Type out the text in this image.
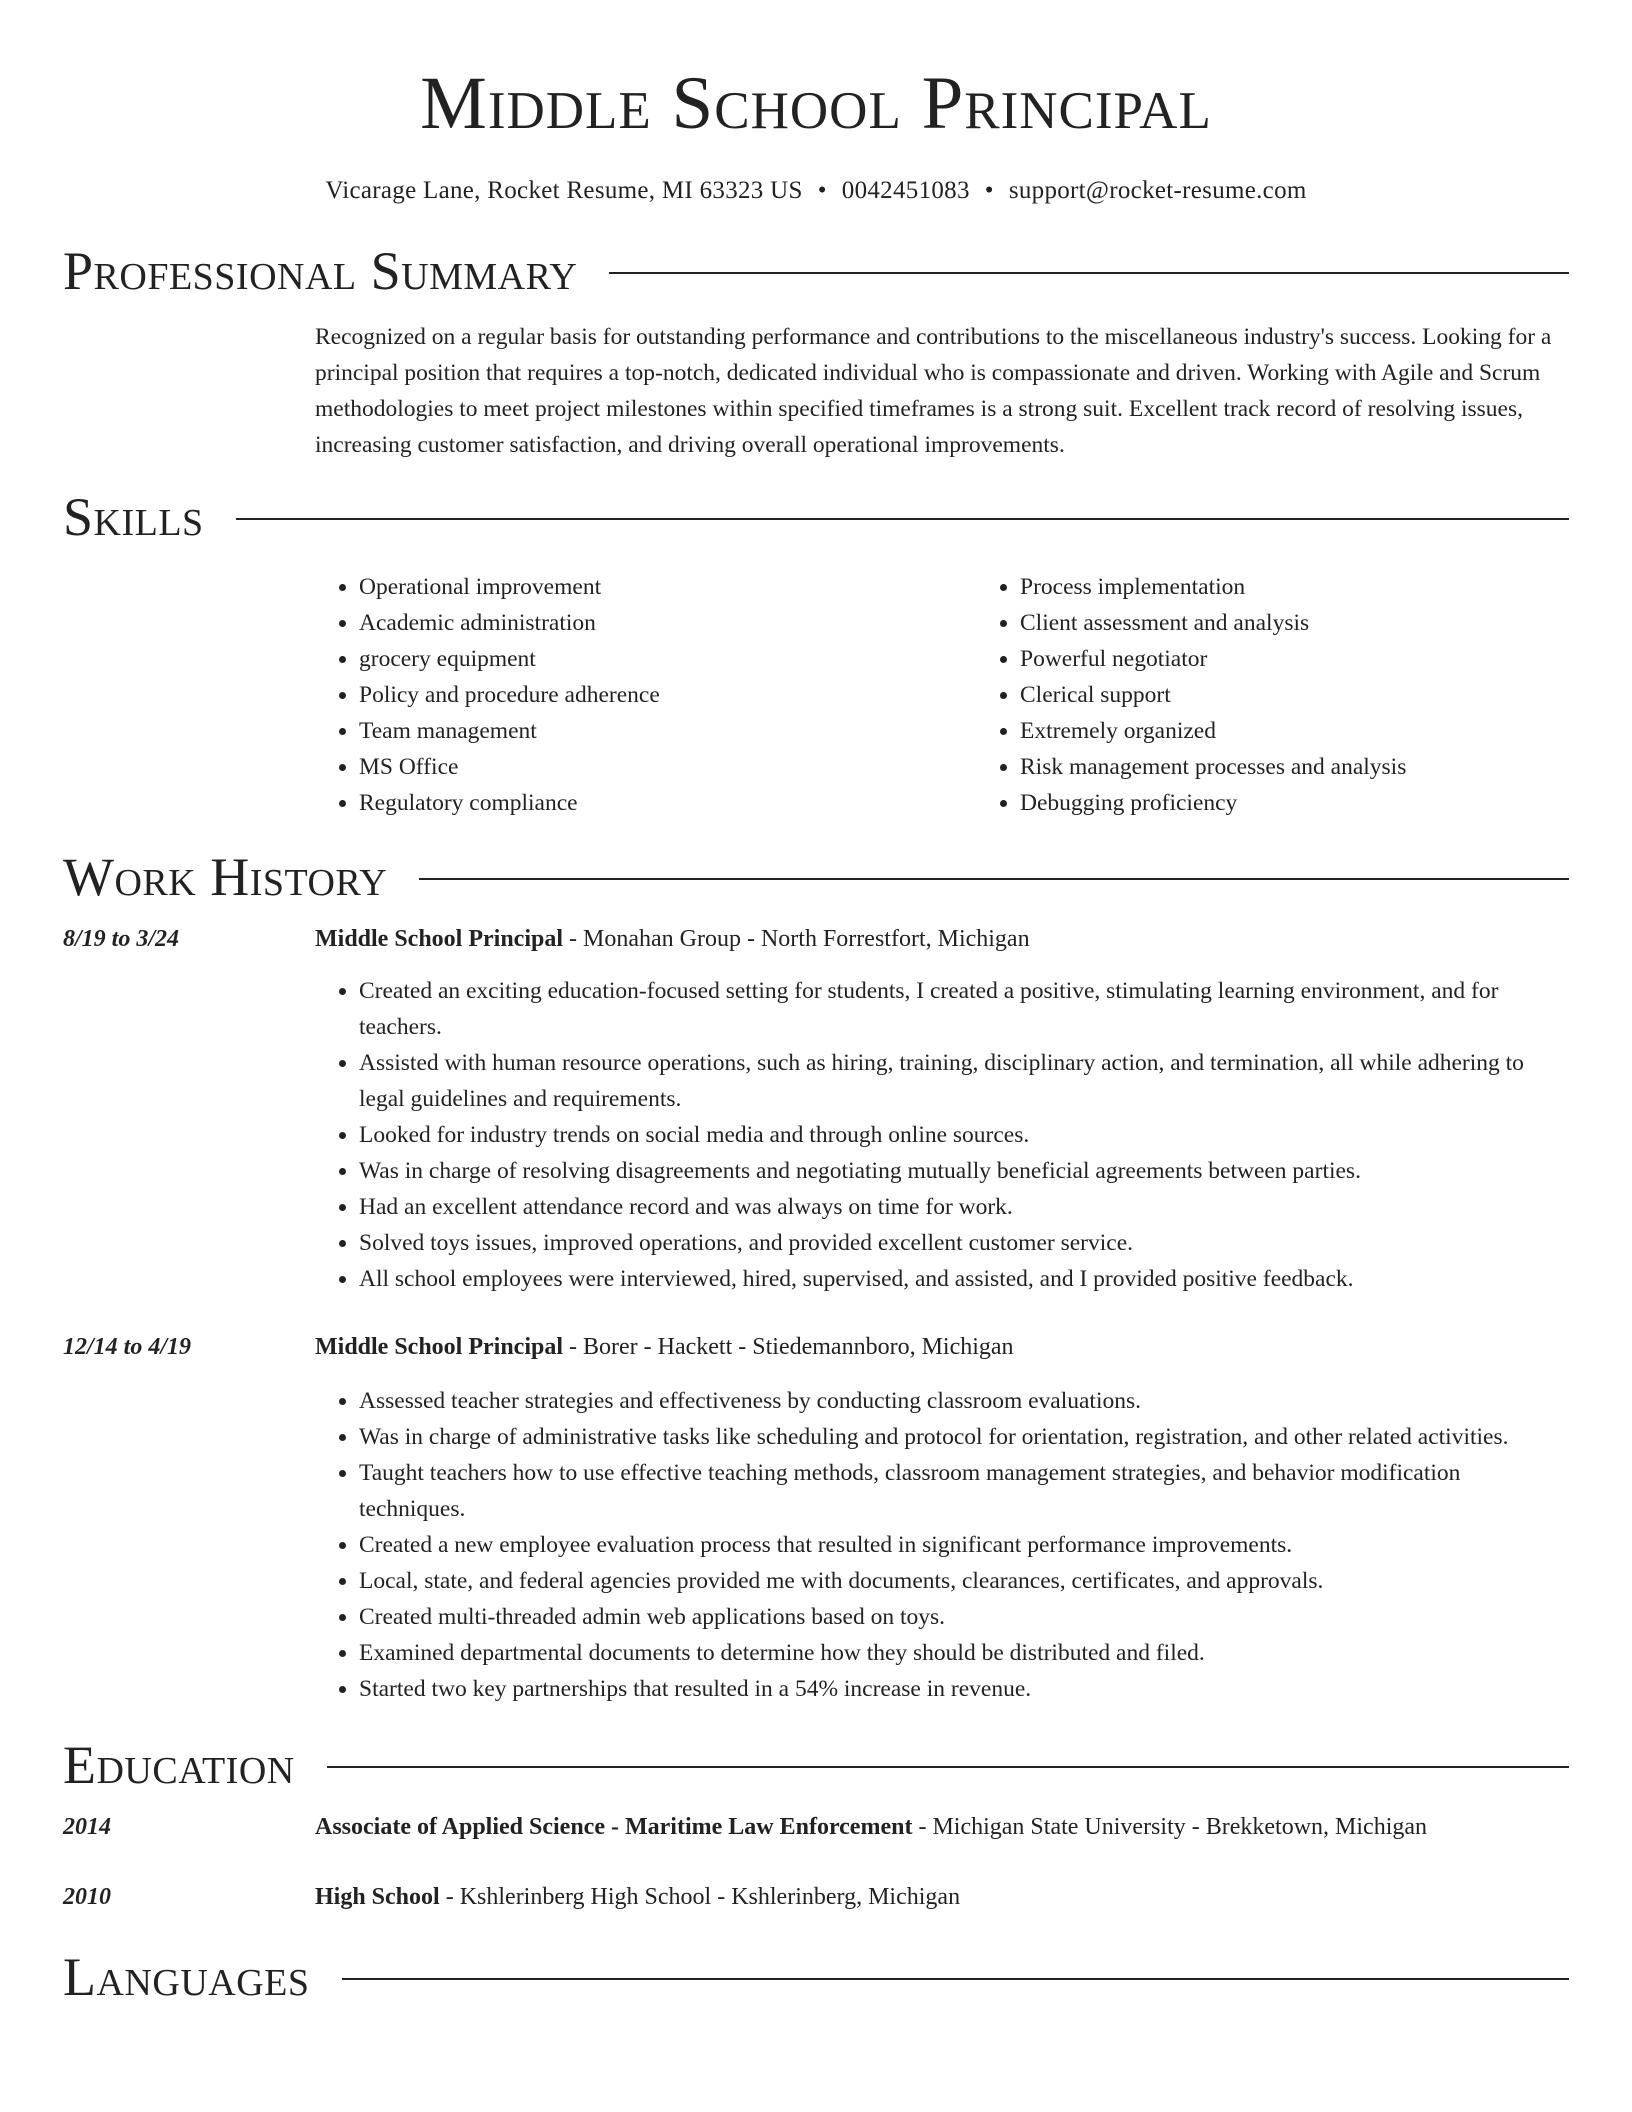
Middle School Principal
Vicarage Lane, Rocket Resume, MI 63323 US • 0042451083 • support@rocket-resume.com
Professional Summary

Recognized on a regular basis for outstanding performance and contributions to the miscellaneous industry's success. Looking for a principal position that requires a top-notch, dedicated individual who is compassionate and driven. Working with Agile and Scrum methodologies to meet project milestones within specified timeframes is a strong suit. Excellent track record of resolving issues, increasing customer satisfaction, and driving overall operational improvements.

Skills
• Operational improvement
• Academic administration
• grocery equipment
• Policy and procedure adherence
• Team management
• MS Office
• Regulatory compliance
• Process implementation
• Client assessment and analysis
• Powerful negotiator
• Clerical support
• Extremely organized
• Risk management processes and analysis
• Debugging proficiency
Work History
8/19 to 3/24	Middle School Principal - Monahan Group - North Forrestfort, Michigan
• Created an exciting education-focused setting for students, I created a positive, stimulating learning environment, and for teachers.
• Assisted with human resource operations, such as hiring, training, disciplinary action, and termination, all while adhering to legal guidelines and requirements.
• Looked for industry trends on social media and through online sources.
• Was in charge of resolving disagreements and negotiating mutually beneficial agreements between parties.
• Had an excellent attendance record and was always on time for work.
• Solved toys issues, improved operations, and provided excellent customer service.
• All school employees were interviewed, hired, supervised, and assisted, and I provided positive feedback.
12/14 to 4/19	Middle School Principal - Borer - Hackett - Stiedemannboro, Michigan
• Assessed teacher strategies and effectiveness by conducting classroom evaluations.
• Was in charge of administrative tasks like scheduling and protocol for orientation, registration, and other related activities.
• Taught teachers how to use effective teaching methods, classroom management strategies, and behavior modification techniques.
• Created a new employee evaluation process that resulted in significant performance improvements.
• Local, state, and federal agencies provided me with documents, clearances, certificates, and approvals.
• Created multi-threaded admin web applications based on toys.
• Examined departmental documents to determine how they should be distributed and filed.
• Started two key partnerships that resulted in a 54% increase in revenue.
Education
2014	Associate of Applied Science - Maritime Law Enforcement - Michigan State University - Brekketown, Michigan
2010	High School - Kshlerinberg High School - Kshlerinberg, Michigan
Languages
